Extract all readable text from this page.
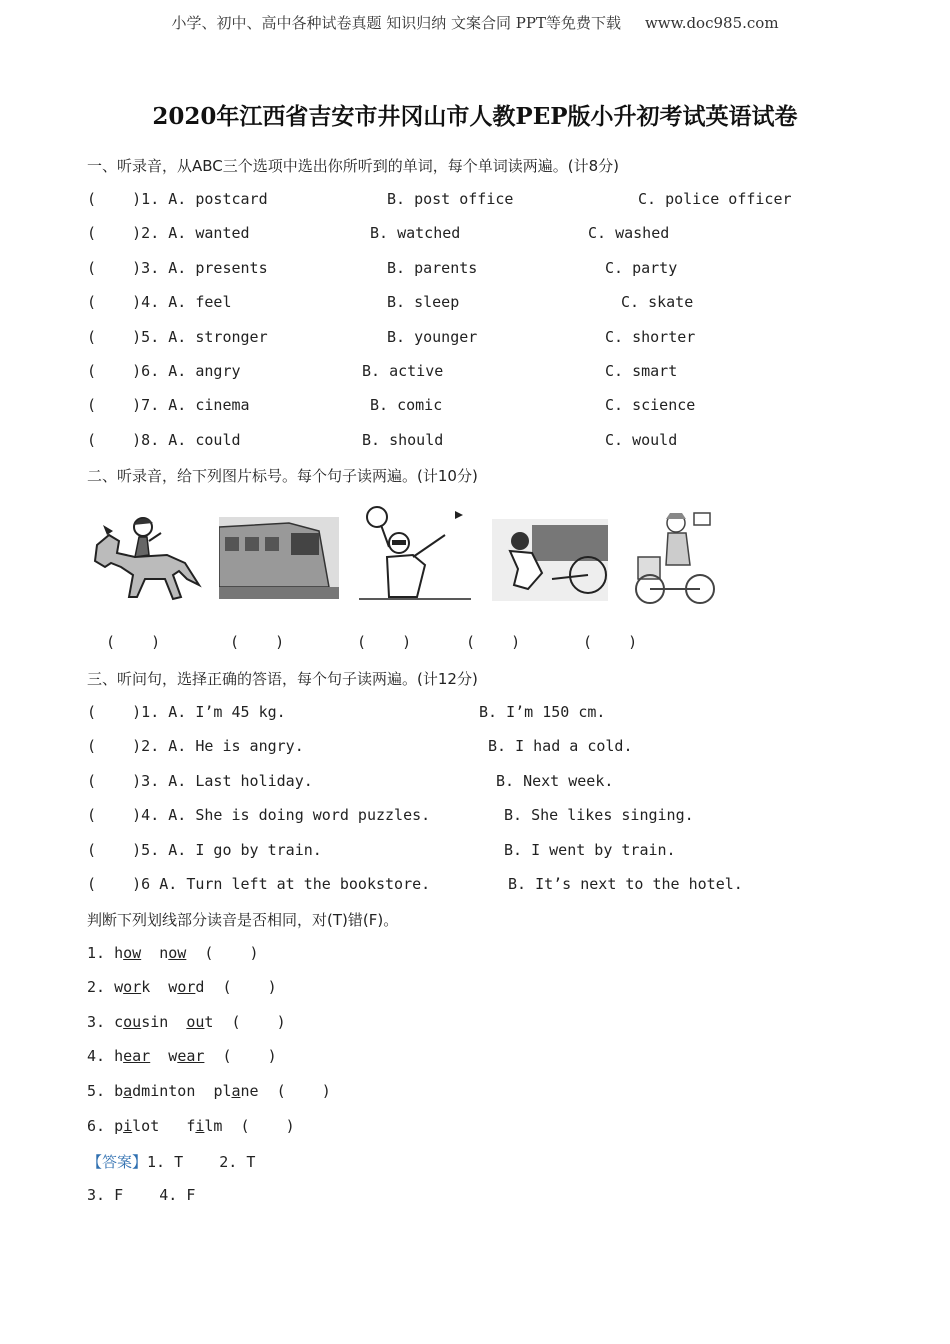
小学、初中、高中各种试卷真题 知识归纳 文案合同 PPT等免费下载 www.doc985.com
2020年江西省吉安市井冈山市人教PEP版小升初考试英语试卷
一、听录音，从ABC三个选项中选出你所听到的单词，每个单词读两遍。(计8分)

(    )1. A. postcard

	B. post office

	C. police officer

(    )2. A. wanted

	B. watched

	C. washed

(    )3. A. presents

	B. parents

	C. party

(    )4. A. feel

	B. sleep

	C. skate

(    )5. A. stronger

	B. younger

	C. shorter

(    )6. A. angry

	B. active

	C. smart

(    )7. A. cinema

	B. comic

	C. science

(    )8. A. could

	B. should

	C. would

二、听录音，给下列图片标号。每个句子读两遍。(计10分)
(    )	(    )	(    )	(    )	(    )
三、听问句，选择正确的答语，每个句子读两遍。(计12分)

(    )1. A. I’m 45 kg.

	B. I’m 150 cm.

(    )2. A. He is angry.

	B. I had a cold.

(    )3. A. Last holiday.

	B. Next week.

(    )4. A. She is doing word puzzles.

	B. She likes singing.

(    )5. A. I go by train.

	B. I went by train.

(    )6 A. Turn left at the bookstore.

	B. It’s next to the hotel.

判断下列划线部分读音是否相同，对(T)错(F)。
1. how now (    )
2. work word (    )
3. cousin out (    )
4. hear wear (    )
5. badminton plane (    )
6. pilot film (    )
【答案】1. T    2. T
3. F    4. F
